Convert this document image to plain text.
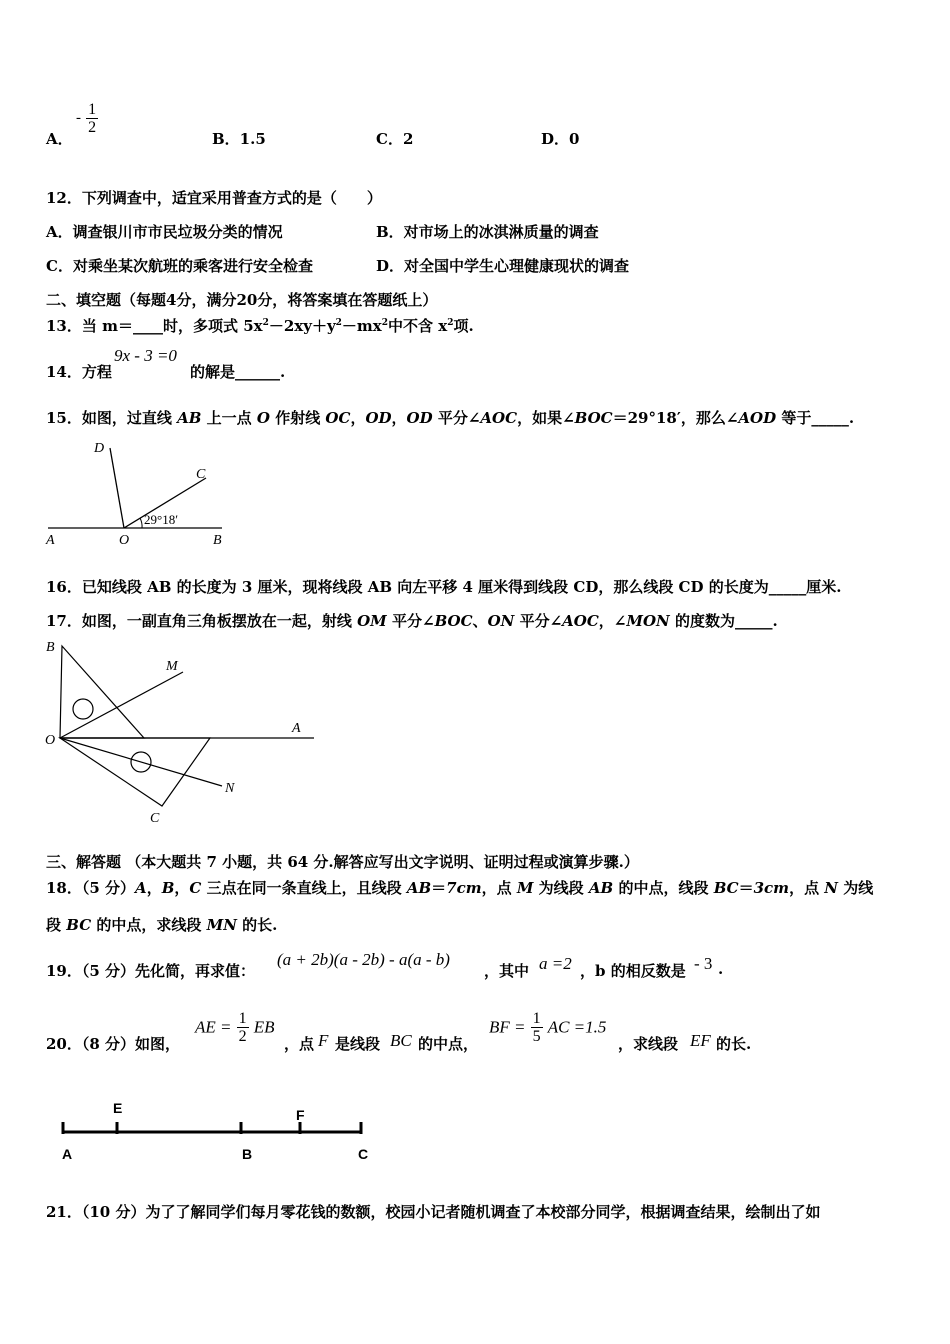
A．
- $\frac{1}{2}$
B．1.5	C．2	D．0
12．下列调查中，适宜采用普查方式的是（　　）
A．调查银川市市民垃圾分类的情况	B．对市场上的冰淇淋质量的调查
C．对乘坐某次航班的乘客进行安全检查	D．对全国中学生心理健康现状的调查
二、填空题（每题4分，满分20分，将答案填在答题纸上）
13．当 m＝____时，多项式 $5x^2-2xy+y^2-mx^2$中不含 $x^2$项.
14．方程
9x - 3 =0
的解是______.
15．如图，过直线 AB 上一点 O 作射线 OC，OD，OD 平分∠AOC，如果∠BOC＝29°18′，那么∠AOD 等于_____.
D
C
29°18′
A	O	B
16．已知线段 AB 的长度为 3 厘米，现将线段 AB 向左平移 4 厘米得到线段 CD，那么线段 CD 的长度为_____厘米.
17．如图，一副直角三角板摆放在一起，射线 OM 平分∠BOC、ON 平分∠AOC，∠MON 的度数为_____.
B
M
O
A
N
C
三、解答题 （本大题共 7 小题，共 64 分.解答应写出文字说明、证明过程或演算步骤.）
18．（5 分）A，B，C 三点在同一条直线上，且线段 AB＝7cm，点 M 为线段 AB 的中点，线段 BC＝3cm，点 N 为线
段 BC 的中点，求线段 MN 的长.
19．（5 分）先化简，再求值：
(a + 2b)(a - 2b) - a(a - b)
，其中 a =2 ，b 的相反数是 - 3 .
20．（8 分）如图，
AE = $\frac{1}{2}$ EB
，点 F 是线段 BC 的中点，
BF = $\frac{1}{5}$ AC =1.5
，求线段 EF 的长.
E	F
A	B	C
21．（10 分）为了了解同学们每月零花钱的数额，校园小记者随机调查了本校部分同学，根据调查结果，绘制出了如
